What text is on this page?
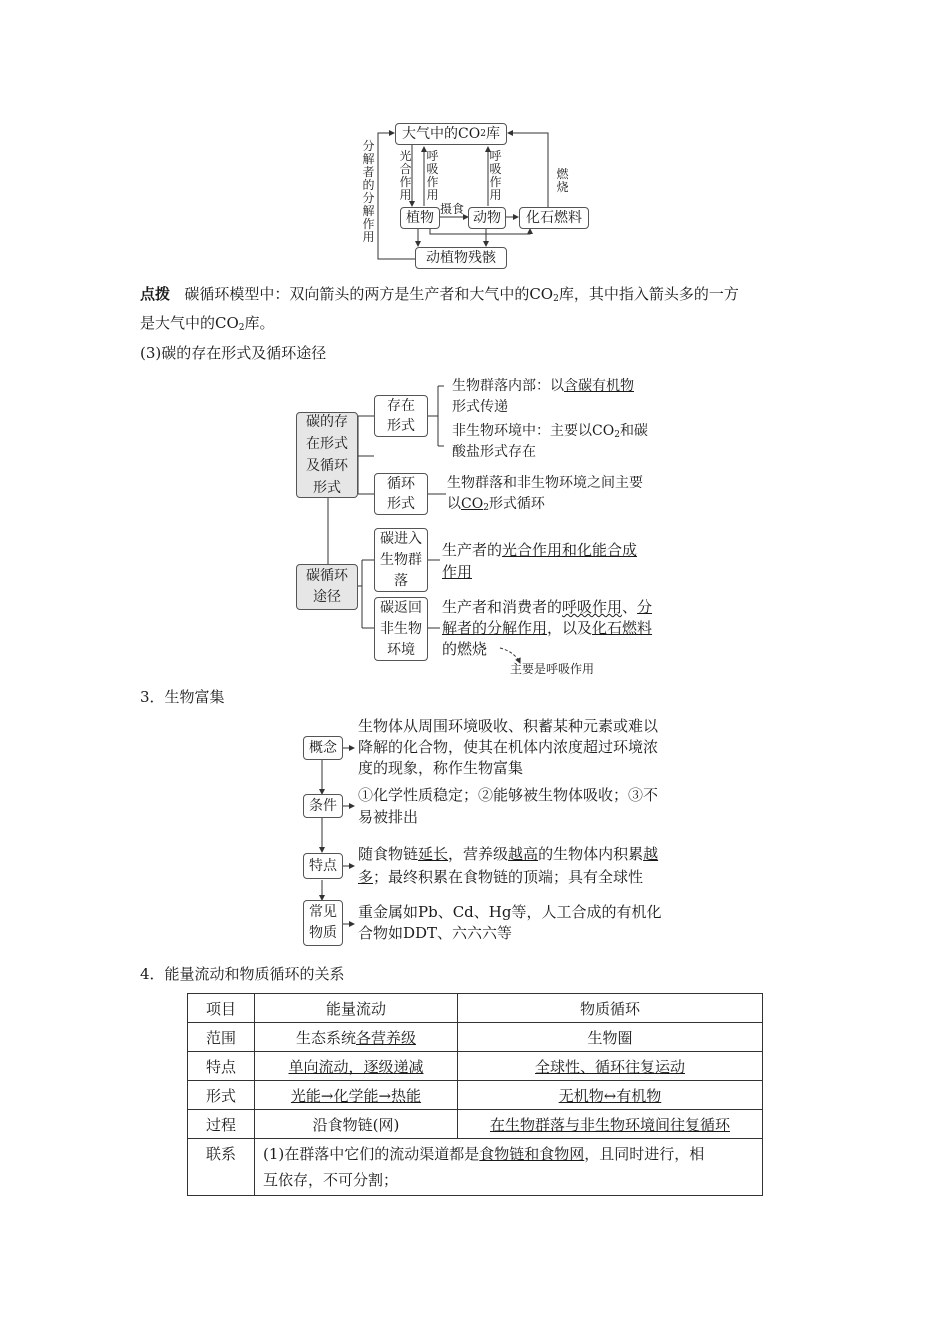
大气中的CO 2 库
植物	动物	化石燃料
动植物残骸
分解者的分解作用
光合作用
呼吸作用
呼吸作用
燃烧
摄食
点拨 碳循环模型中：双向箭头的两方是生产者和大气中的$CO_2$库，其中指入箭头多的一方
是大气中的$CO_2$库。
(3)碳的存在形式及循环途径
碳的存在形式及循环形式
碳循环途径
存在形式
循环形式
碳进入生物群落
碳返回非生物环境
生物群落内部：以含碳有机物
形式传递
非生物环境中：主要以$CO_2$和碳
酸盐形式存在
生物群落和非生物环境之间主要
以$CO_2$形式循环
生产者的光合作用和化能合成
作用
生产者和消费者的呼吸作用、分
解者的分解作用，以及化石燃料
的燃烧
主要是呼吸作用
3．生物富集
概念
条件
特点
常见物质
生物体从周围环境吸收、积蓄某种元素或难以降解的化合物，使其在机体内浓度超过环境浓度的现象，称作生物富集
①化学性质稳定；②能够被生物体吸收；③不易被排出
随食物链延长，营养级越高的生物体内积累越多；最终积累在食物链的顶端；具有全球性
重金属如Pb、Cd、Hg等，人工合成的有机化
合物如DDT、六六六等
4．能量流动和物质循环的关系
项目	能量流动	物质循环
范围	生态系统各营养级	生物圈
特点	单向流动，逐级递减	全球性、循环往复运动
形式	光能→化学能→热能	无机物↔有机物
过程	沿食物链(网)	在生物群落与非生物环境间往复循环
联系	(1)在群落中它们的流动渠道都是食物链和食物网，且同时进行，相
互依存，不可分割；	
